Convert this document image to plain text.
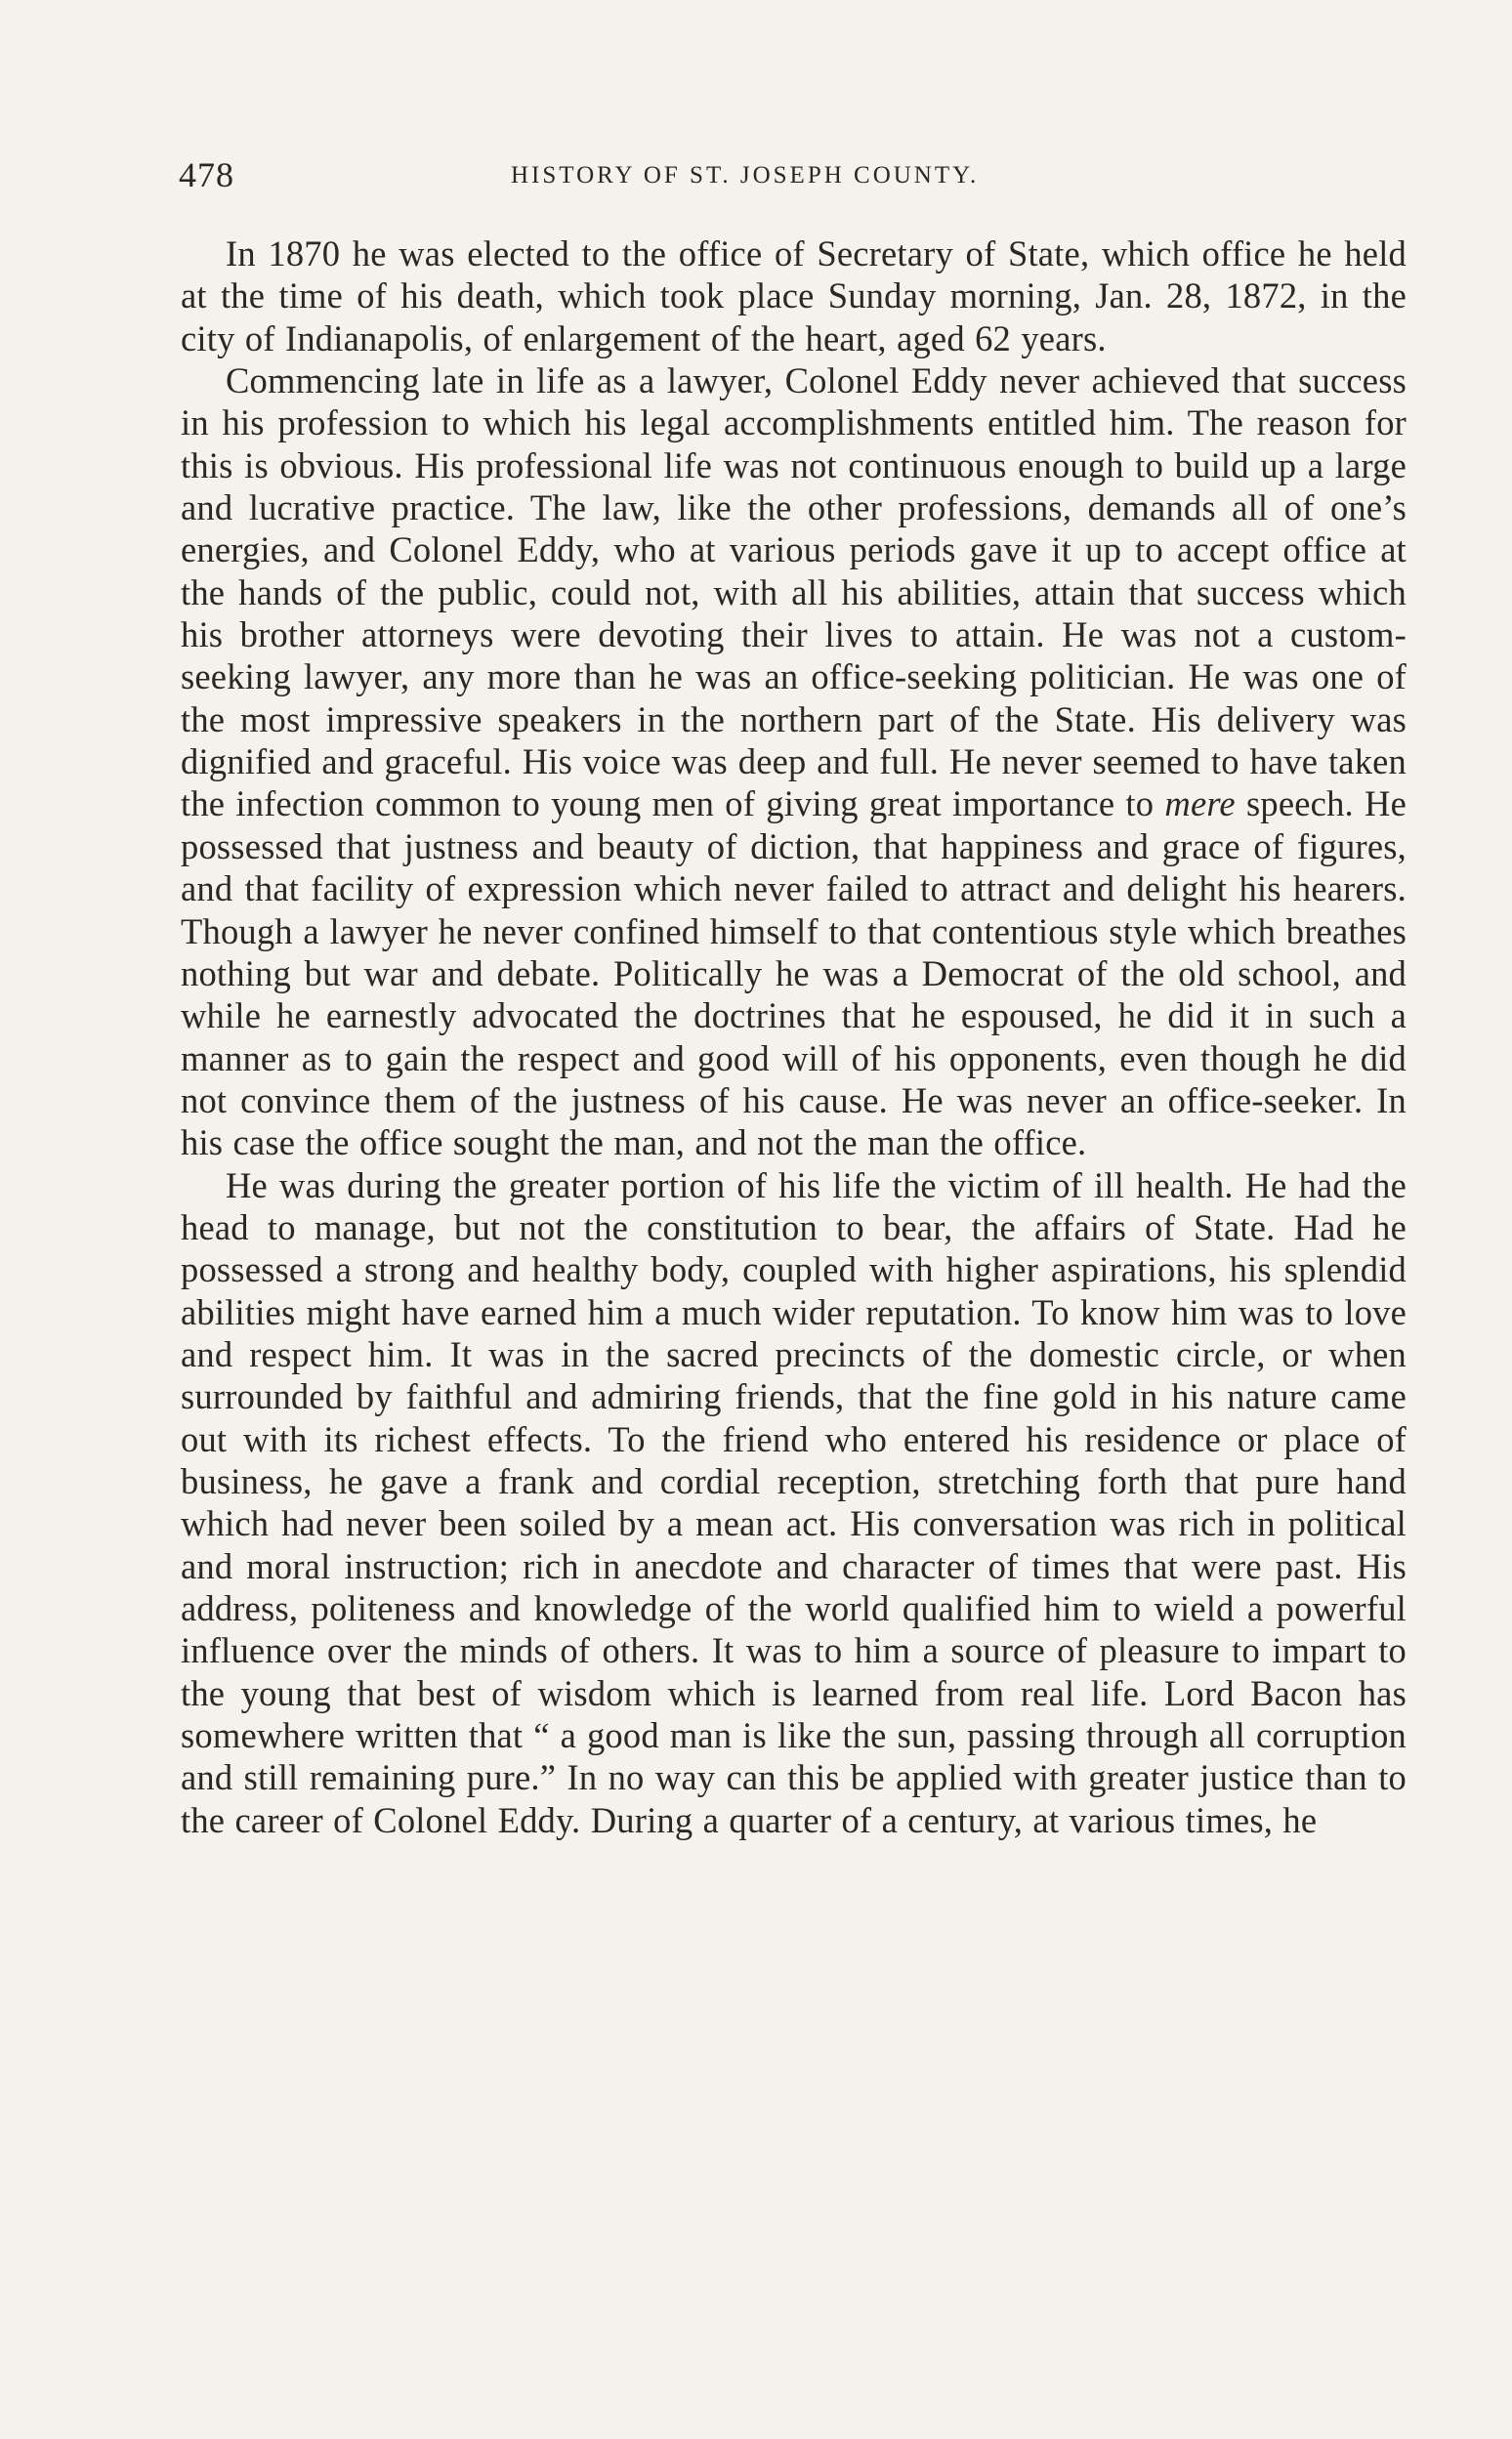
478	HISTORY OF ST. JOSEPH COUNTY.

In 1870 he was elected to the office of Secretary of State, which office he held at the time of his death, which took place Sunday morning, Jan. 28, 1872, in the city of Indianapolis, of enlargement of the heart, aged 62 years.

Commencing late in life as a lawyer, Colonel Eddy never achieved that success in his profession to which his legal accomplishments entitled him. The reason for this is obvious. His professional life was not continuous enough to build up a large and lucrative practice. The law, like the other professions, demands all of one’s energies, and Colonel Eddy, who at various periods gave it up to accept office at the hands of the public, could not, with all his abilities, attain that success which his brother attorneys were devoting their lives to attain. He was not a custom-seeking lawyer, any more than he was an office-seeking politician. He was one of the most impressive speakers in the northern part of the State. His delivery was dignified and graceful. His voice was deep and full. He never seemed to have taken the infection common to young men of giving great importance to mere speech. He possessed that justness and beauty of diction, that happiness and grace of figures, and that facility of expression which never failed to attract and delight his hearers. Though a lawyer he never confined himself to that contentious style which breathes nothing but war and debate. Politically he was a Democrat of the old school, and while he earnestly advocated the doctrines that he espoused, he did it in such a manner as to gain the respect and good will of his opponents, even though he did not convince them of the justness of his cause. He was never an office-seeker. In his case the office sought the man, and not the man the office.

He was during the greater portion of his life the victim of ill health. He had the head to manage, but not the constitution to bear, the affairs of State. Had he possessed a strong and healthy body, coupled with higher aspirations, his splendid abilities might have earned him a much wider reputation. To know him was to love and respect him. It was in the sacred precincts of the domestic circle, or when surrounded by faithful and admiring friends, that the fine gold in his nature came out with its richest effects. To the friend who entered his residence or place of business, he gave a frank and cordial reception, stretching forth that pure hand which had never been soiled by a mean act. His conversation was rich in political and moral instruction; rich in anecdote and character of times that were past. His address, politeness and knowledge of the world qualified him to wield a powerful influence over the minds of others. It was to him a source of pleasure to impart to the young that best of wisdom which is learned from real life. Lord Bacon has somewhere written that “ a good man is like the sun, passing through all corruption and still remaining pure.” In no way can this be applied with greater justice than to the career of Colonel Eddy. During a quarter of a century, at various times, he
